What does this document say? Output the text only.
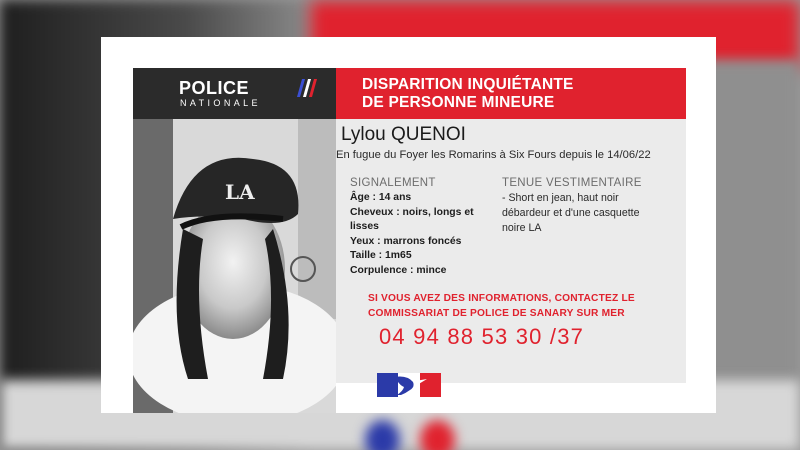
POLICE
NATIONALE
DISPARITION INQUIÉTANTE
DE PERSONNE MINEURE
LA
Lylou QUENOI
En fugue du Foyer les Romarins à Six Fours depuis le 14/06/22
SIGNALEMENT
Âge : 14 ans
Cheveux : noirs, longs et
lisses
Yeux : marrons foncés
Taille : 1m65
Corpulence : mince
TENUE VESTIMENTAIRE
- Short en jean, haut noir
débardeur et d'une casquette
noire LA
SI VOUS AVEZ DES INFORMATIONS, CONTACTEZ LE
COMMISSARIAT DE POLICE DE SANARY SUR MER
04 94 88 53 30 /37
